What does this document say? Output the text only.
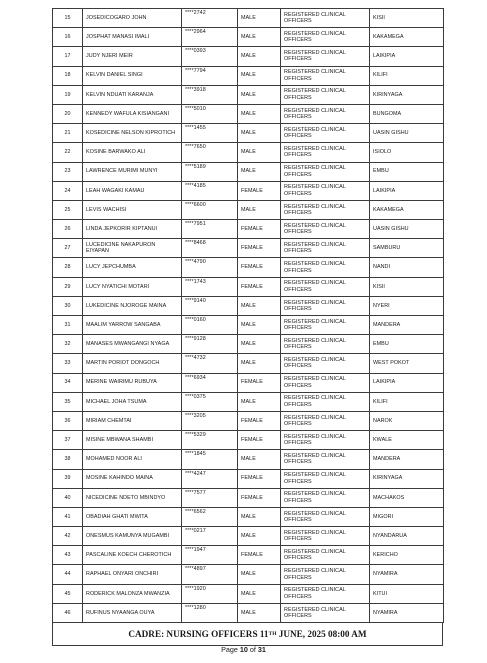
15	JOSEDICOGARO JOHN	****2742	MALE	REGISTERED CLINICAL OFFICERS	KISII
16	JOSPHAT MANASI IMALI	****2964	MALE	REGISTERED CLINICAL OFFICERS	KAKAMEGA
17	JUDY NJERI MEIR	****0393	MALE	REGISTERED CLINICAL OFFICERS	LAIKIPIA
18	KELVIN DANIEL SINGI	****7794	MALE	REGISTERED CLINICAL OFFICERS	KILIFI
19	KELVIN NDUATI KARANJA	****3918	MALE	REGISTERED CLINICAL OFFICERS	KIRINYAGA
20	KENNEDY WAFULA KISIANGANI	****5010	MALE	REGISTERED CLINICAL OFFICERS	BUNGOMA
21	KOSEDICINE NELSON KIPROTICH	****1455	MALE	REGISTERED CLINICAL OFFICERS	UASIN GISHU
22	KOSINE BARWAKO ALI	****7650	MALE	REGISTERED CLINICAL OFFICERS	ISIOLO
23	LAWRENCE MURIMI MUNYI	****5189	MALE	REGISTERED CLINICAL OFFICERS	EMBU
24	LEAH WAGAKI KAMAU	****4185	FEMALE	REGISTERED CLINICAL OFFICERS	LAIKIPIA
25	LEVIS WACHISI	****6600	MALE	REGISTERED CLINICAL OFFICERS	KAKAMEGA
26	LINDA JEPKORIR KIPTANUI	****7951	FEMALE	REGISTERED CLINICAL OFFICERS	UASIN GISHU
27	LUCEDICINE NAKAPURON EIYAPAN	****8468	FEMALE	REGISTERED CLINICAL OFFICERS	SAMBURU
28	LUCY JEPCHUMBA	****4790	FEMALE	REGISTERED CLINICAL OFFICERS	NANDI
29	LUCY NYATICHI MOTARI	****1743	FEMALE	REGISTERED CLINICAL OFFICERS	KISII
30	LUKEDICINE NJOROGE MAINA	****9140	MALE	REGISTERED CLINICAL OFFICERS	NYERI
31	MAALIM YARROW SANGABA	****0160	MALE	REGISTERED CLINICAL OFFICERS	MANDERA
32	MANASES MWANGANGI NYAGA	****9128	MALE	REGISTERED CLINICAL OFFICERS	EMBU
33	MARTIN PORIOT DONGOCH	****4732	MALE	REGISTERED CLINICAL OFFICERS	WEST POKOT
34	MERINE WAIRIMU RUBUYA	****6934	FEMALE	REGISTERED CLINICAL OFFICERS	LAIKIPIA
35	MICHAEL JOHA TSUMA	****0375	MALE	REGISTERED CLINICAL OFFICERS	KILIFI
36	MIRIAM CHEMTAI	****3205	FEMALE	REGISTERED CLINICAL OFFICERS	NAROK
37	MISINE MBWANA SHAMBI	****5329	FEMALE	REGISTERED CLINICAL OFFICERS	KWALE
38	MOHAMED NOOR ALI	****1845	MALE	REGISTERED CLINICAL OFFICERS	MANDERA
39	MOSINE KAHINDO MAINA	****4247	FEMALE	REGISTERED CLINICAL OFFICERS	KIRINYAGA
40	NICEDICINE NDETO MBINDYO	****7577	FEMALE	REGISTERED CLINICAL OFFICERS	MACHAKOS
41	OBADIAH GHATI MWITA	****6562	MALE	REGISTERED CLINICAL OFFICERS	MIGORI
42	ONESMUS KAMUNYA MUGAMBI	****0217	MALE	REGISTERED CLINICAL OFFICERS	NYANDARUA
43	PASCALINE KOECH CHEROTICH	****1947	FEMALE	REGISTERED CLINICAL OFFICERS	KERICHO
44	RAPHAEL ONYARI ONCHIRI	****4897	MALE	REGISTERED CLINICAL OFFICERS	NYAMIRA
45	RODERICK MALONZA MWANZIA	****1920	MALE	REGISTERED CLINICAL OFFICERS	KITUI
46	RUFINUS NYAANGA OUYA	****1280	MALE	REGISTERED CLINICAL OFFICERS	NYAMIRA
CADRE: NURSING OFFICERS 11 TH JUNE, 2025 08:00 AM
Page 10 of 31
